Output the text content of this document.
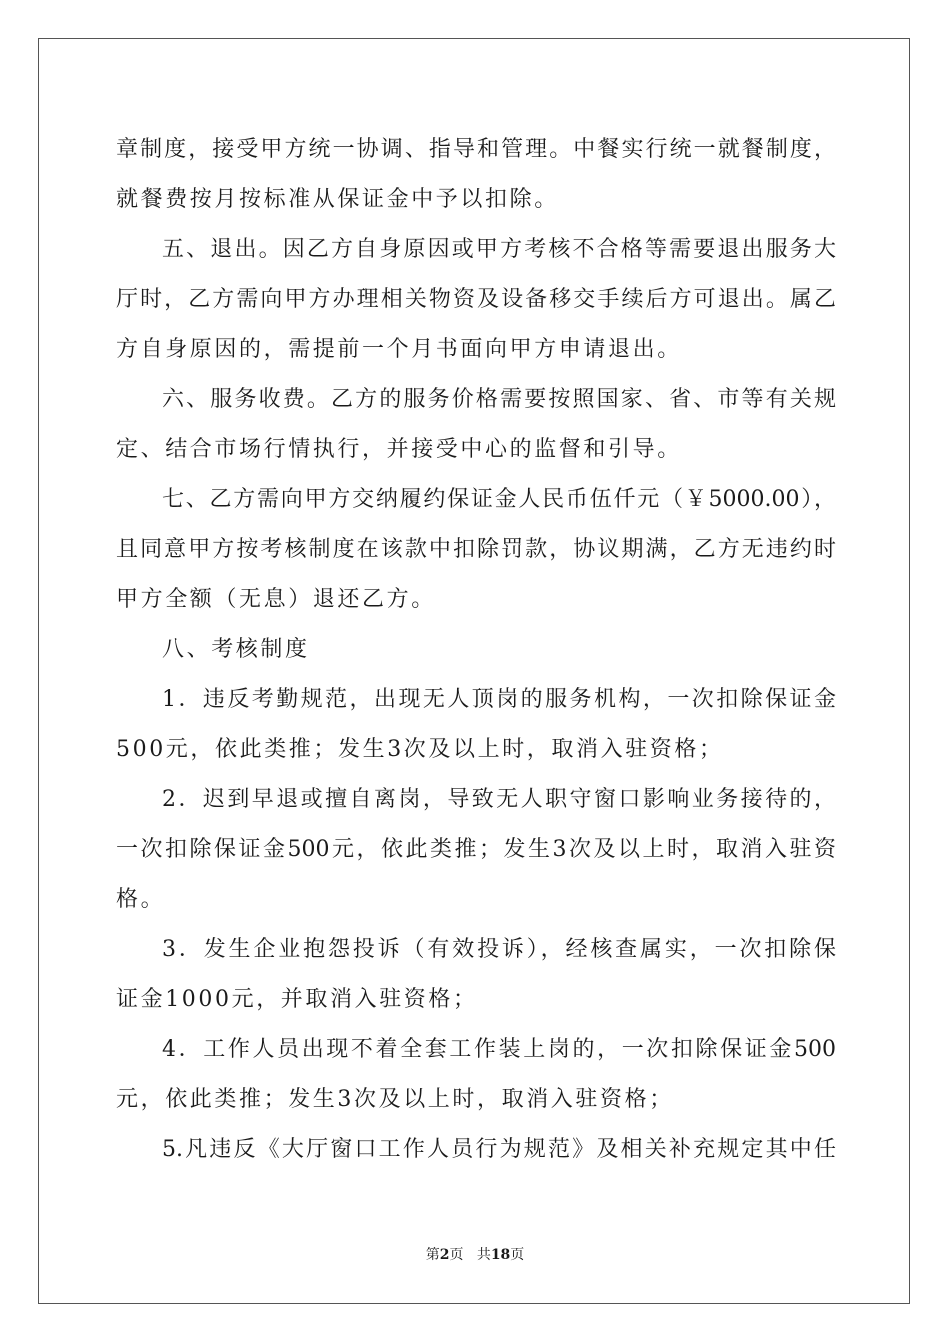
章制度，接受甲方统一协调、指导和管理。中餐实行统一就餐制度，
就餐费按月按标准从保证金中予以扣除。
五、退出。因乙方自身原因或甲方考核不合格等需要退出服务大
厅时，乙方需向甲方办理相关物资及设备移交手续后方可退出。属乙
方自身原因的，需提前一个月书面向甲方申请退出。
六、服务收费。乙方的服务价格需要按照国家、省、市等有关规
定、结合市场行情执行，并接受中心的监督和引导。
七、乙方需向甲方交纳履约保证金人民币伍仟元（￥5000.00），
且同意甲方按考核制度在该款中扣除罚款，协议期满，乙方无违约时
甲方全额（无息）退还乙方。
八、考核制度
1．违反考勤规范，出现无人顶岗的服务机构，一次扣除保证金
500元，依此类推；发生3次及以上时，取消入驻资格；
2．迟到早退或擅自离岗，导致无人职守窗口影响业务接待的，
一次扣除保证金500元，依此类推；发生3次及以上时，取消入驻资
格。
3．发生企业抱怨投诉（有效投诉），经核查属实，一次扣除保
证金1000元，并取消入驻资格；
4．工作人员出现不着全套工作装上岗的，一次扣除保证金500
元，依此类推；发生3次及以上时，取消入驻资格；
5.凡违反《大厅窗口工作人员行为规范》及相关补充规定其中任
第2页 共18页
